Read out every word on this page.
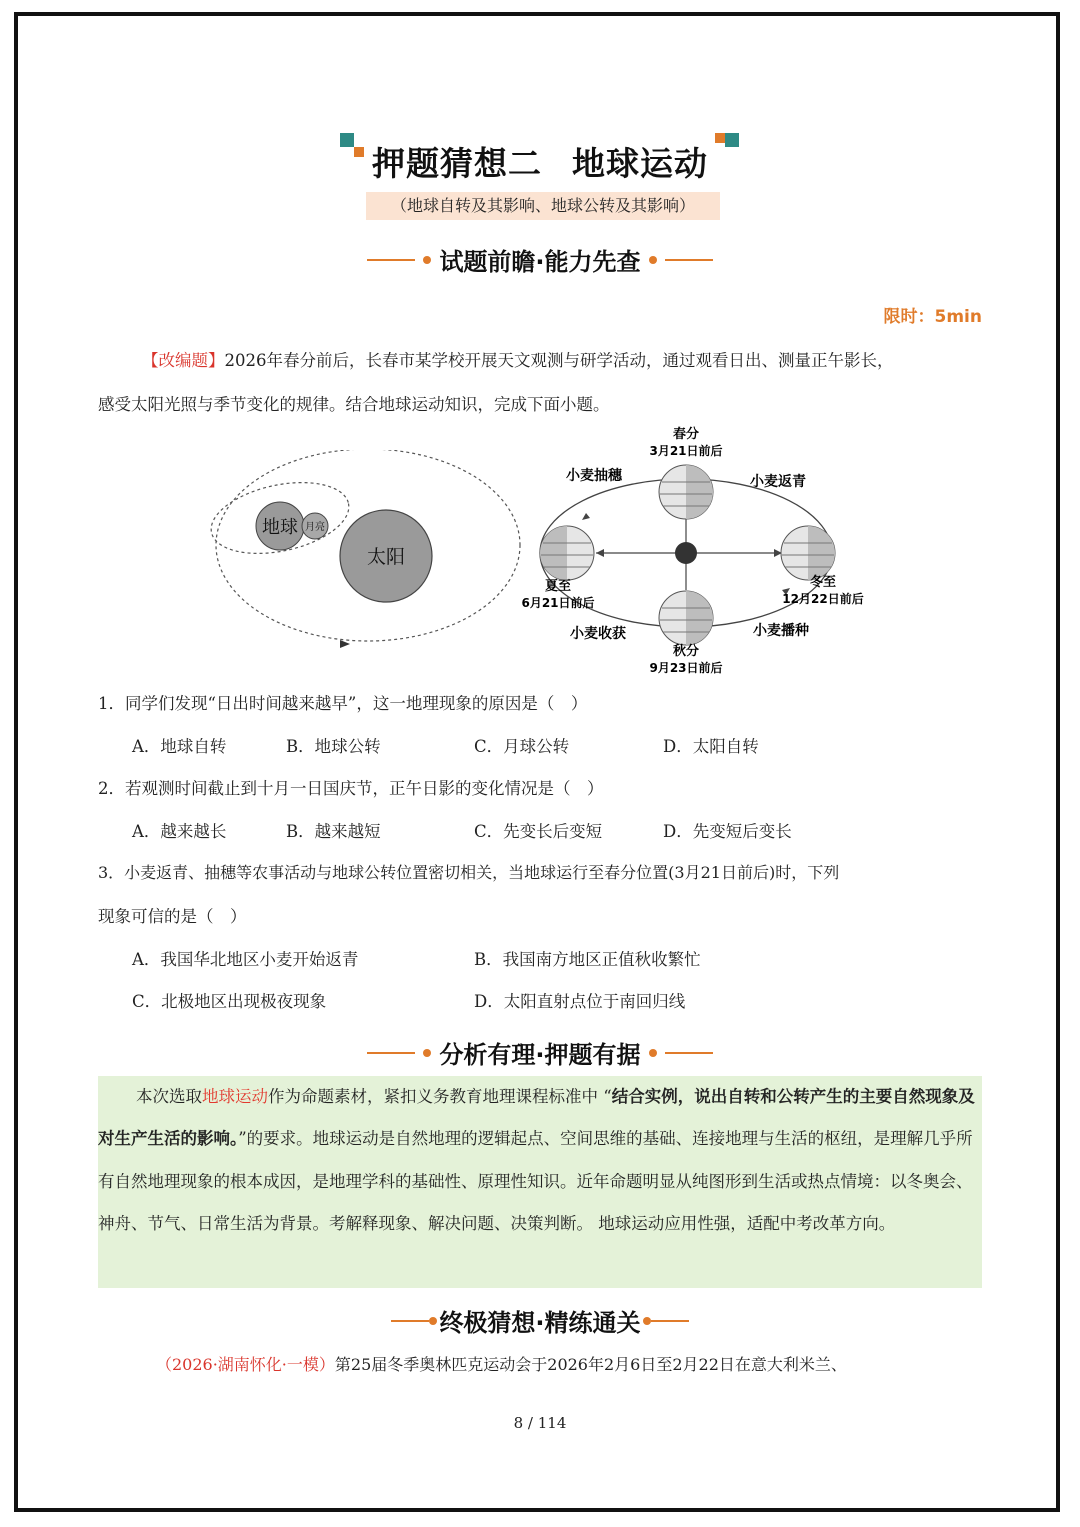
押题猜想二 地球运动
（地球自转及其影响、地球公转及其影响）
试题前瞻·能力先查
限时：5min
【改编题】2026年春分前后，长春市某学校开展天文观测与研学活动，通过观看日出、测量正午影长，
感受太阳光照与季节变化的规律。结合地球运动知识，完成下面小题。
地球 月亮
太阳
春分
3月21日前后
小麦抽穗	小麦返青
夏至
6月21日前后
冬至
12月22日前后
小麦收获	小麦播种
秋分
9月23日前后
1．同学们发现“日出时间越来越早”，这一地理现象的原因是（　）
A．地球自转	B．地球公转	C．月球公转	D．太阳自转
2．若观测时间截止到十月一日国庆节，正午日影的变化情况是（　）
A．越来越长	B．越来越短	C．先变长后变短	D．先变短后变长
3．小麦返青、抽穗等农事活动与地球公转位置密切相关，当地球运行至春分位置(3月21日前后)时，下列
现象可信的是（　）
A．我国华北地区小麦开始返青	B．我国南方地区正值秋收繁忙
C．北极地区出现极夜现象	D．太阳直射点位于南回归线
分析有理·押题有据
本次选取地球运动作为命题素材，紧扣义务教育地理课程标准中 “结合实例，说出自转和公转产生的主要自然现象及对生产生活的影响。”的要求。地球运动是自然地理的逻辑起点、空间思维的基础、连接地理与生活的枢纽，是理解几乎所有自然地理现象的根本成因，是地理学科的基础性、原理性知识。近年命题明显从纯图形到生活或热点情境：以冬奥会、神舟、节气、日常生活为背景。考解释现象、解决问题、决策判断。 地球运动应用性强，适配中考改革方向。
终极猜想·精练通关
（2026·湖南怀化·一模）第25届冬季奥林匹克运动会于2026年2月6日至2月22日在意大利米兰、
8 / 114
